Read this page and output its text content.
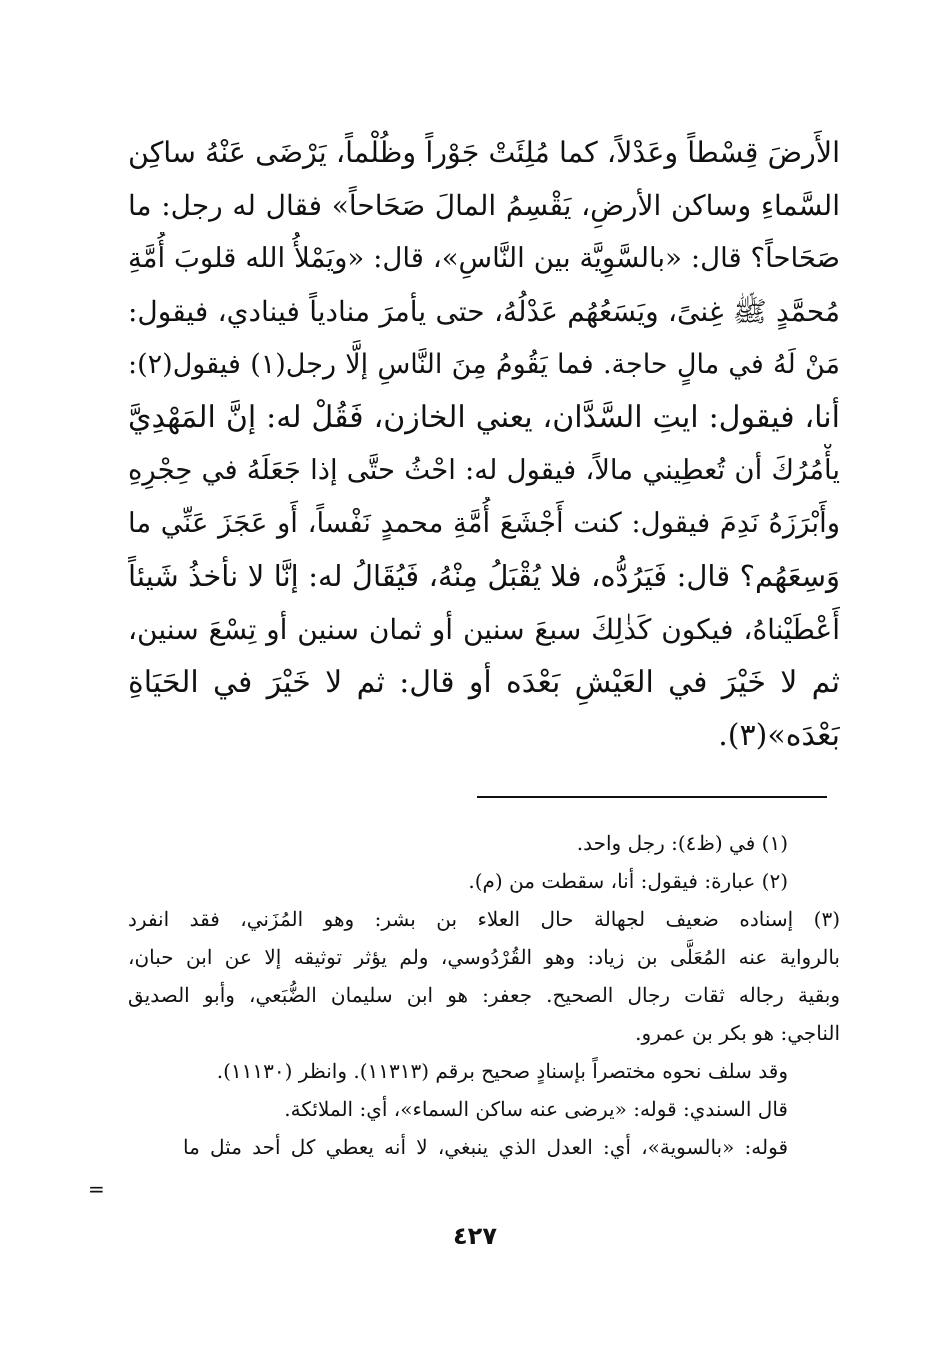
الأَرضَ قِسْطاً وعَدْلاً، كما مُلِئَتْ جَوْراً وظُلْماً، يَرْضَى عَنْهُ ساكِن
السَّماءِ وساكن الأرضِ، يَقْسِمُ المالَ صَحَاحاً» فقال له رجل: ما
صَحَاحاً؟ قال: «بالسَّوِيَّة بين النَّاسِ»، قال: «ويَمْلأُ الله قلوبَ أُمَّةِ
مُحمَّدٍ ﷺ غِنىً، ويَسَعُهُم عَدْلُهُ، حتى يأمرَ منادياً فينادي، فيقول:
مَنْ لَهُ في مالٍ حاجة. فما يَقُومُ مِنَ النَّاسِ إلَّا رجل(١) فيقول(٢):
أنا، فيقول: ايتِ السَّدَّان، يعني الخازن، فَقُلْ له: إنَّ المَهْدِيَّ
يأْمُرُكَ أن تُعطِيني مالاً، فيقول له: احْثُ حتَّى إذا جَعَلَهُ في حِجْرِهِ
وأَبْرَزَهُ نَدِمَ فيقول: كنت أَجْشَعَ أُمَّةِ محمدٍ نَفْساً، أَو عَجَزَ عَنِّي ما
وَسِعَهُم؟ قال: فَيَرُدُّه، فلا يُقْبَلُ مِنْهُ، فَيُقَالُ له: إنَّا لا نأخذُ شَيئاً
أَعْطَيْناهُ، فيكون كَذٰلِكَ سبعَ سنين أو ثمان سنين أو تِسْعَ سنين،
ثم لا خَيْرَ في العَيْشِ بَعْدَه أو قال: ثم لا خَيْرَ في الحَيَاةِ
بَعْدَه»(٣).
(١) في (ظ٤): رجل واحد.
(٢) عبارة: فيقول: أنا، سقطت من (م).
(٣) إسناده ضعيف لجهالة حال العلاء بن بشر: وهو المُزَني، فقد انفرد
بالرواية عنه المُعَلَّى بن زياد: وهو القُرْدُوسي، ولم يؤثر توثيقه إلا عن ابن حبان،
وبقية رجاله ثقات رجال الصحيح. جعفر: هو ابن سليمان الضُّبَعي، وأبو الصديق
الناجي: هو بكر بن عمرو.
وقد سلف نحوه مختصراً بإسنادٍ صحيح برقم (١١٣١٣). وانظر (١١١٣٠).
قال السندي: قوله: «يرضى عنه ساكن السماء»، أي: الملائكة.
قوله: «بالسوية»، أي: العدل الذي ينبغي، لا أنه يعطي كل أحد مثل ما
=
٤٢٧
